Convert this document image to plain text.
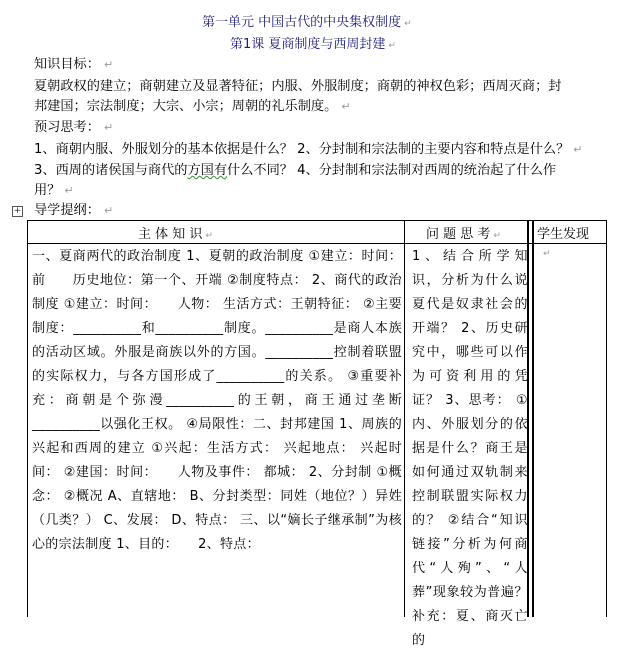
第一单元 中国古代的中央集权制度 ↵
第1课 夏商制度与西周封建 ↵
知识目标： ↵
夏朝政权的建立；商朝建立及显著特征；内服、外服制度；商朝的神权色彩；西周灭商；封
邦建国；宗法制度；大宗、小宗；周朝的礼乐制度。 ↵
预习思考： ↵
1、商朝内服、外服划分的基本依据是什么？ 2、分封制和宗法制的主要内容和特点是什么？ ↵
3、西周的诸侯国与商代的方国有什么不同？ 4、分封制和宗法制对西周的统治起了什么作
用？ ↵
+ 导学提纲： ↵
主 体 知 识 ↵	问 题 思 考 ↵	学生发现
一、夏商两代的政治制度 1、夏朝的政治制度 ①建立：时间：前　　历史地位：第一个、开端 ②制度特点： 2、商代的政治制度 ①建立：时间：　　人物： 生活方式：王朝特征： ②主要制度：__________和__________制度。__________是商人本族的活动区域。外服是商族以外的方国。__________控制着联盟的实际权力，与各方国形成了__________的关系。 ③重要补充：商朝是个弥漫__________的王朝，商王通过垄断__________以强化王权。 ④局限性：二、封邦建国 1、周族的兴起和西周的建立 ①兴起：生活方式： 兴起地点： 兴起时间： ②建国：时间：　　人物及事件： 都城： 2、分封制 ①概念： ②概况 A、直辖地： B、分封类型：同姓（地位？）异姓（几类？） C、发展： D、特点： 三、以“嫡长子继承制”为核心的宗法制度 1、目的：　　2、特点：
1、结合所学知识，分析为什么说夏代是奴隶社会的开端？ 2、历史研究中，哪些可以作为可资利用的凭证？ 3、思考： ①内、外服划分的依据是什么？商王是如何通过双轨制来控制联盟实际权力的？ ②结合“知识链接”分析为何商代“人殉”、“人葬”现象较为普遍？ 补充：夏、商灭亡的
↵
